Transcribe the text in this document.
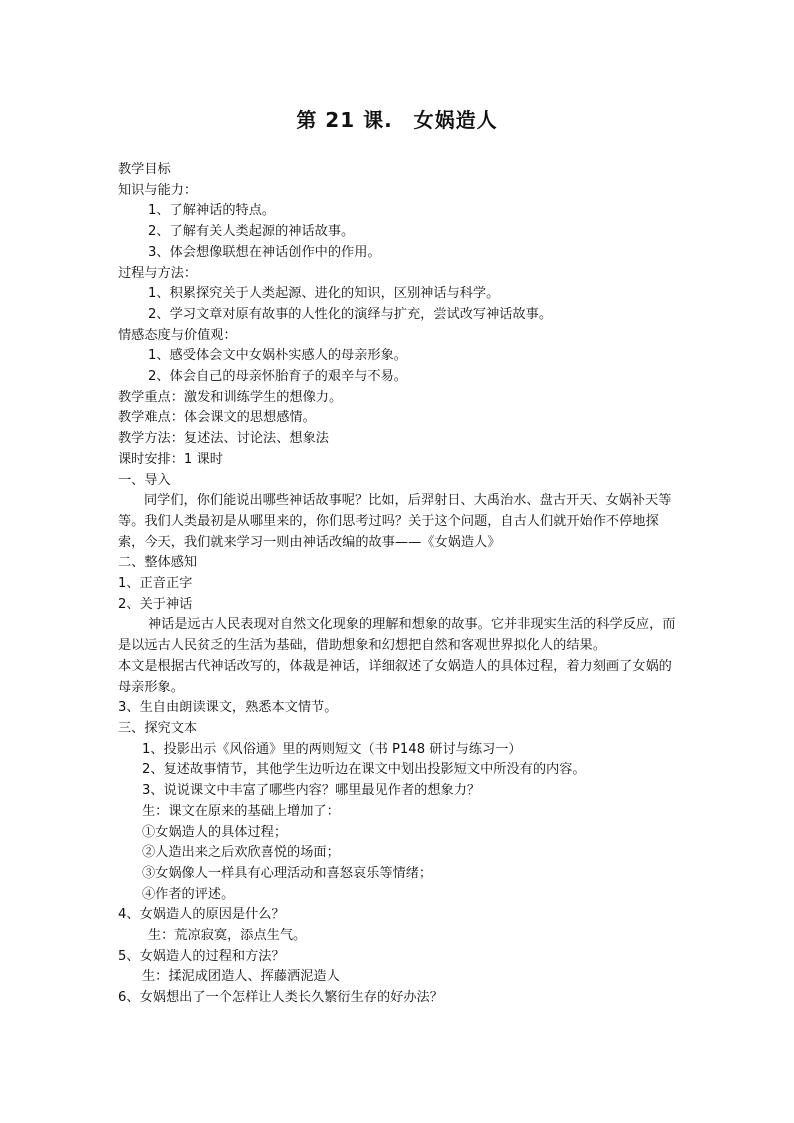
第 21 课.　女娲造人
教学目标
知识与能力：
1、了解神话的特点。
2、了解有关人类起源的神话故事。
3、体会想像联想在神话创作中的作用。
过程与方法：
1、积累探究关于人类起源、进化的知识，区别神话与科学。
2、学习文章对原有故事的人性化的演绎与扩充，尝试改写神话故事。
情感态度与价值观：
1、感受体会文中女娲朴实感人的母亲形象。
2、体会自己的母亲怀胎育子的艰辛与不易。
教学重点：激发和训练学生的想像力。
教学难点：体会课文的思想感情。
教学方法：复述法、讨论法、想象法
课时安排：1 课时
一、导入
同学们，你们能说出哪些神话故事呢？比如，后羿射日、大禹治水、盘古开天、女娲补天等等。我们人类最初是从哪里来的，你们思考过吗？关于这个问题，自古人们就开始作不停地探索，今天，我们就来学习一则由神话改编的故事——《女娲造人》
二、整体感知
1、正音正字
2、关于神话
神话是远古人民表现对自然文化现象的理解和想象的故事。它并非现实生活的科学反应，而是以远古人民贫乏的生活为基础，借助想象和幻想把自然和客观世界拟化人的结果。
本文是根据古代神话改写的，体裁是神话，详细叙述了女娲造人的具体过程，着力刻画了女娲的母亲形象。
3、生自由朗读课文，熟悉本文情节。
三、探究文本
1、投影出示《风俗通》里的两则短文（书 P148 研讨与练习一）
2、复述故事情节，其他学生边听边在课文中划出投影短文中所没有的内容。
3、说说课文中丰富了哪些内容？哪里最见作者的想象力？
生：课文在原来的基础上增加了：
①女娲造人的具体过程；
②人造出来之后欢欣喜悦的场面；
③女娲像人一样具有心理活动和喜怒哀乐等情绪；
④作者的评述。
4、女娲造人的原因是什么？
生：荒凉寂寞，添点生气。
5、女娲造人的过程和方法？
生：揉泥成团造人、挥藤洒泥造人
6、女娲想出了一个怎样让人类长久繁衍生存的好办法？
